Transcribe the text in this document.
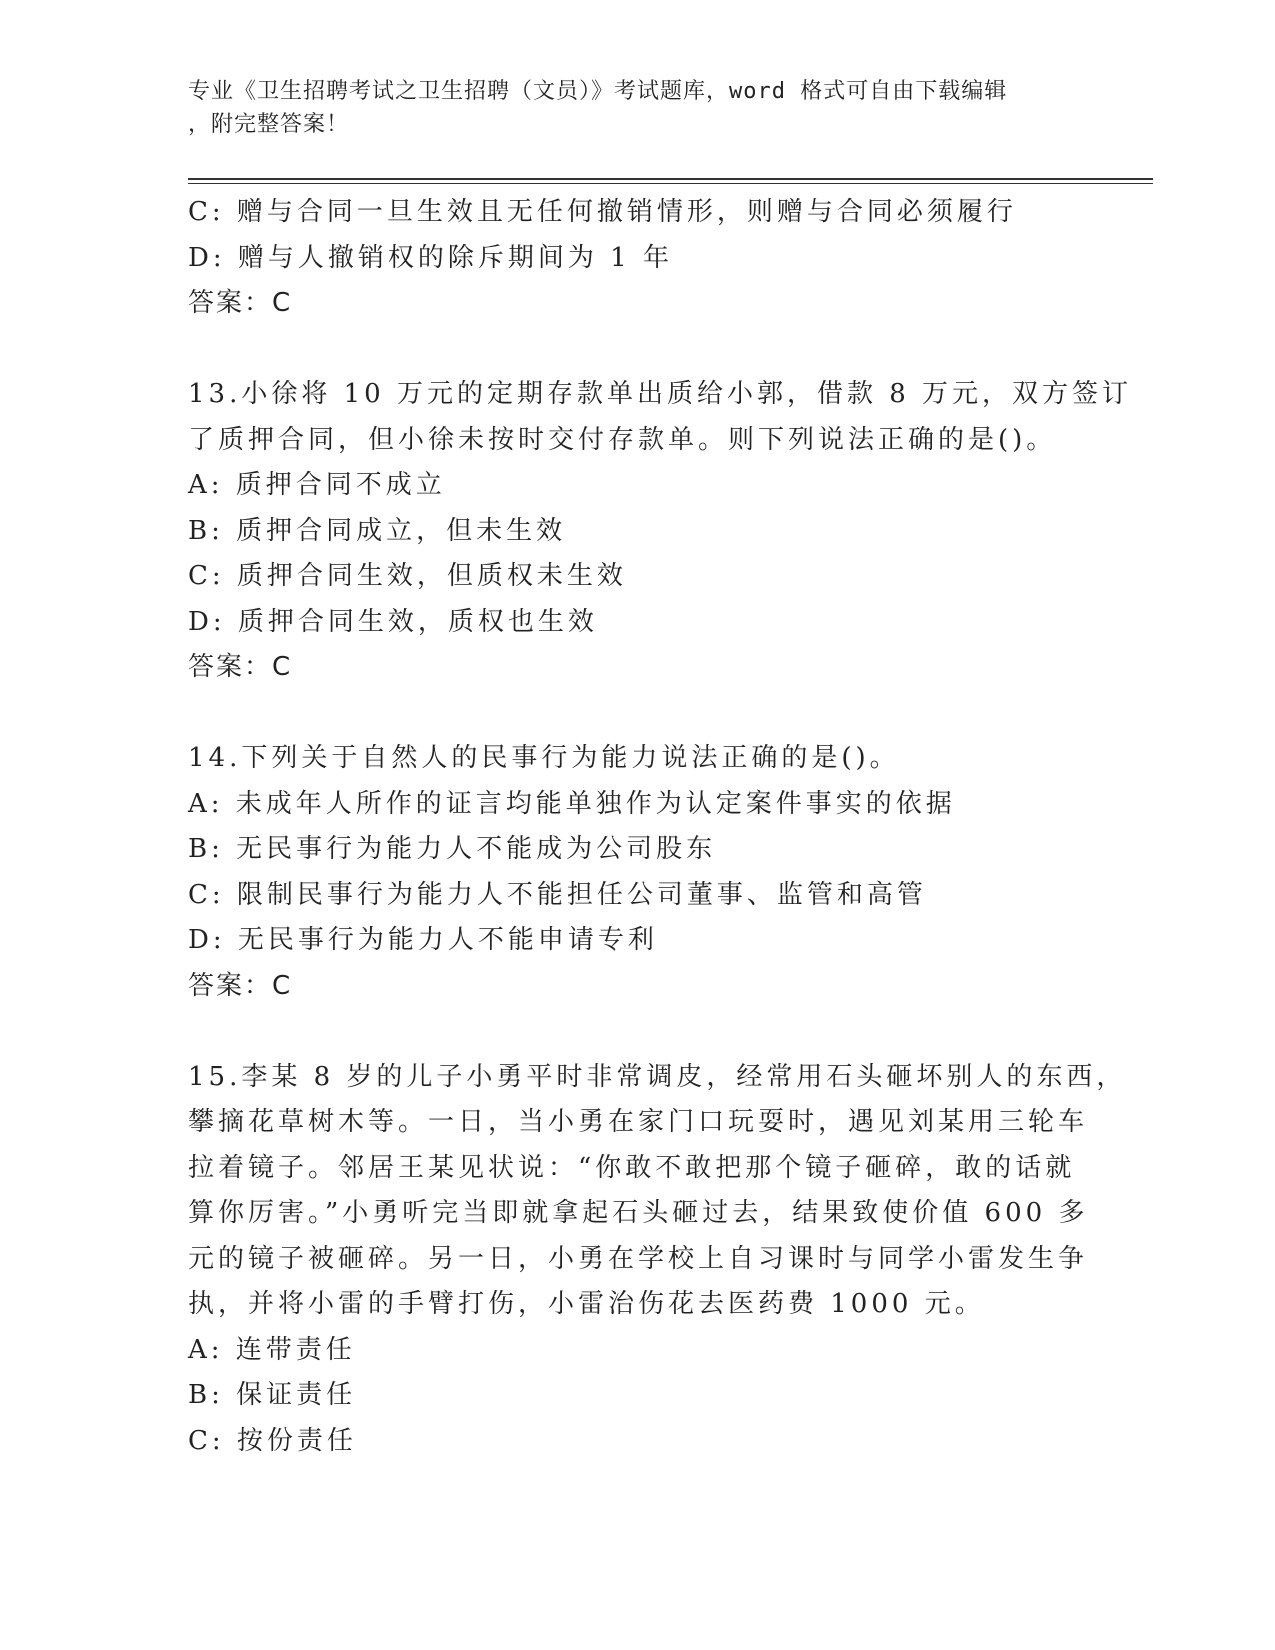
专业《卫生招聘考试之卫生招聘（文员）》考试题库，word 格式可自由下载编辑
，附完整答案！
C: 赠与合同一旦生效且无任何撤销情形，则赠与合同必须履行
D: 赠与人撤销权的除斥期间为 1 年
答案：C
13.小徐将 10 万元的定期存款单出质给小郭，借款 8 万元，双方签订
了质押合同，但小徐未按时交付存款单。则下列说法正确的是()。
A: 质押合同不成立
B: 质押合同成立，但未生效
C: 质押合同生效，但质权未生效
D: 质押合同生效，质权也生效
答案：C
14.下列关于自然人的民事行为能力说法正确的是()。
A: 未成年人所作的证言均能单独作为认定案件事实的依据
B: 无民事行为能力人不能成为公司股东
C: 限制民事行为能力人不能担任公司董事、监管和高管
D: 无民事行为能力人不能申请专利
答案：C
15.李某 8 岁的儿子小勇平时非常调皮，经常用石头砸坏别人的东西，
攀摘花草树木等。一日，当小勇在家门口玩耍时，遇见刘某用三轮车
拉着镜子。邻居王某见状说：“你敢不敢把那个镜子砸碎，敢的话就
算你厉害。”小勇听完当即就拿起石头砸过去，结果致使价值 600 多
元的镜子被砸碎。另一日，小勇在学校上自习课时与同学小雷发生争
执，并将小雷的手臂打伤，小雷治伤花去医药费 1000 元。
A: 连带责任
B: 保证责任
C: 按份责任
